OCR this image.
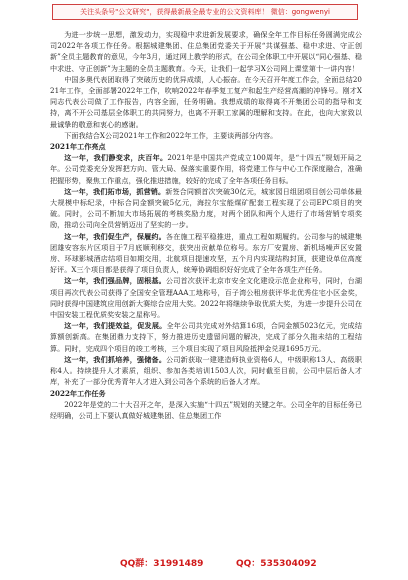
关注头条号"公文研究"，获得最新最全最专业的公文资料库！ 微信：gongwenyi

为进一步统一思想，激发动力，实现稳中求进新发展要求，确保全年工作目标任务圆满完成公司2022年各项工作任务。根据城建集团、住总集团党委关于开展“共谋强基、稳中求进、守正创新”全员主题教育的意见，今年3月，通过网上教学的形式，在公司全体职工中开展以“同心强基、稳中求进、守正创新”为主题的全员主题教育。今天，让我们一起学习X公司网上课堂第十一讲内容！

中国多奥代表团取得了突破历史的优异成绩，人心振奋。在今天召开年度工作会，全面总结2021年工作，全面部署2022年工作，吹响2022年春季复工复产和起生产经营高潮的冲锋号。刚才X同志代表公司做了工作报告，内容全面，任务明确。我想成绩的取得离不开集团公司的指导和支持，离不开公司基层全体职工的共同努力，也离不开职工家属的理解和支持。在此，也向大家致以最诚挚的敬意和衷心的感谢。

下面我结合X公司2021年工作和2022年工作，主要谈两部分内容。

2021年工作亮点

这一年，我们静变求，庆百年。2021年是中国共产党成立100周年，是“十四五”规划开局之年。公司党委充分发挥把方向、管大局、保落实重要作用，将党建工作与中心工作深度融合，准确把握形势，聚焦工作重点，强化推进措施，较好的完成了全年各项任务目标。

这一年，我们拓市场，抓营销。新签合同额首次突破30亿元，城家园日组团项目创公司单体最大规模中标纪录，中标合同金额突破5亿元，海拉尔宝能煤矿配套工程实现了公司EPC项目的突破。同时，公司不断加大市场拓展的考核奖励力度，对两个团队和两个人进行了市场营销专项奖励，推动公司向全员营销迈出了坚实的一步。

这一年，我们促生产，保履约。各在施工程平稳推进，重点工程如期履约。公司参与的城建集团雄安容东片区项目于7月底顺利移交，获突出贡献单位称号。东方厂安置房、新机场噪声区安置房、环球影城酒店结项目如期交用，北航项目提速攻坚，五个月内实现结构封顶，获建设单位高度好评。X三个项目都是获得了项目负责人，统筹协调组织好好完成了全年各项生产任务。

这一年，我们强品牌，固根基。公司首次获评北京市安全文化建设示范企业称号，同时，台湖项目再次代表公司获得了全国安全管理AAA工地称号，百子湾公租房获评华北优秀住宅小区金奖，同时获得中国建筑应用创新大赛综合应用大奖。2022年将继续争取优质大奖，为进一步提升公司在中国安装工程优质奖安装之星称号。

这一年，我们提效益，促发展。全年公司共完成对外结算16项，合同金额5023亿元，完成结算额创新高。在集团鼎力支持下，努力推进历史遗留问题的解决，完成了部分久拖未结的工程结算。同时，完成四个项目的竣工考核，三个项目实现了项目风险抵押金兑现1695万元。

这一年，我们抓培养，强储备。公司新获取一建建造师执业资格6人，中级职称13人、高级职称4人。持续提升人才素质，组织、参加各类培训1503人次，同时截至目前，公司中层后备人才库，补充了一部分优秀青年人才进入到公司各个系统的后备人才库。

2022年工作任务

2022年是党的二十大召开之年，是深入实施“十四五”规划的关键之年。公司全年的目标任务已经明确，公司上下要认真做好城建集团、住总集团工作

QQ群：31991489	QQ：535304092
